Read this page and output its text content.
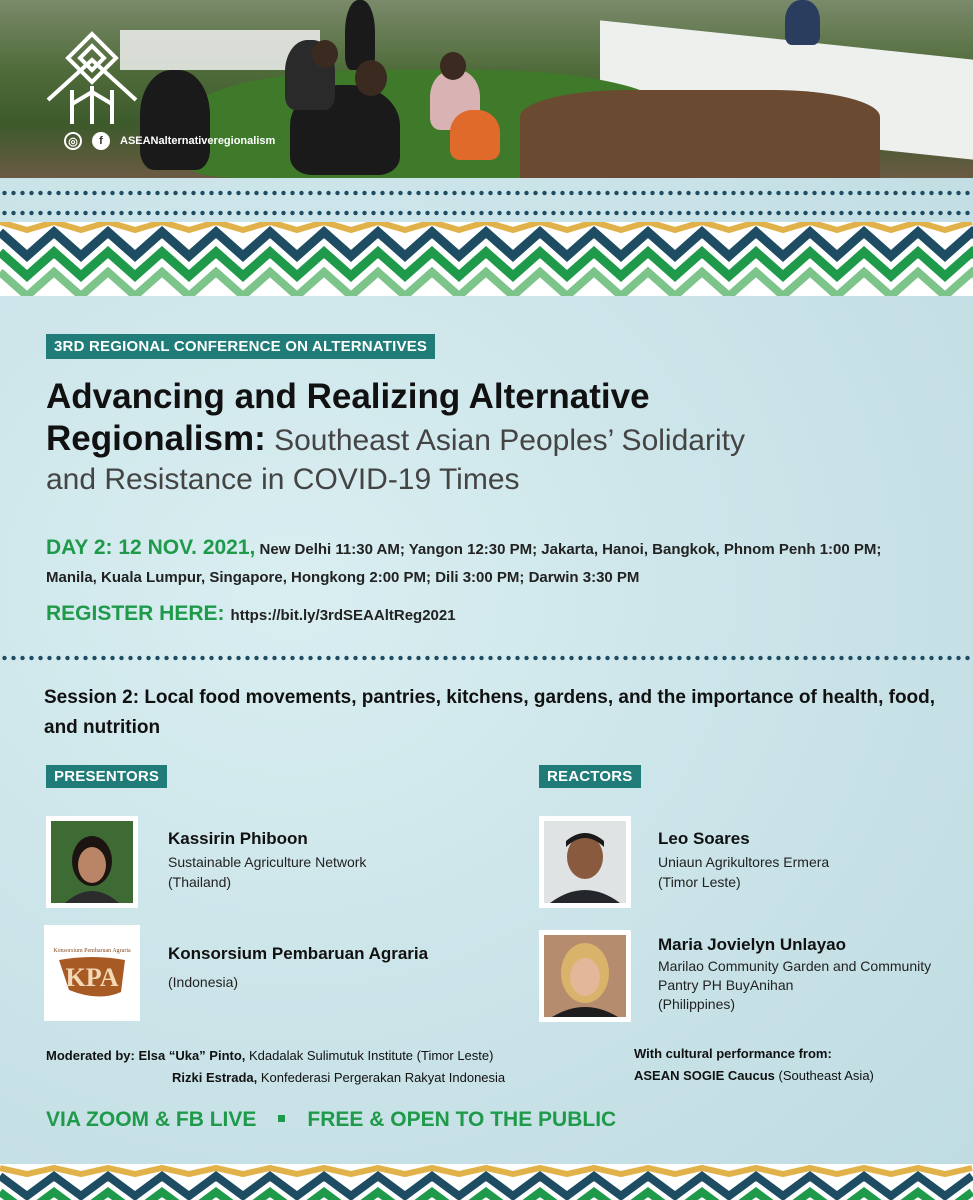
◎	f	ASEANalternativeregionalism
3RD REGIONAL CONFERENCE ON ALTERNATIVES
Advancing and Realizing Alternative
Regionalism: Southeast Asian Peoples’ Solidarity
and Resistance in COVID-19 Times
DAY 2: 12 NOV. 2021, New Delhi 11:30 AM; Yangon 12:30 PM; Jakarta, Hanoi, Bangkok, Phnom Penh 1:00 PM; Manila, Kuala Lumpur, Singapore, Hongkong 2:00 PM; Dili 3:00 PM; Darwin 3:30 PM
REGISTER HERE: https://bit.ly/3rdSEAAltReg2021
Session 2: Local food movements, pantries, kitchens, gardens, and the importance of health, food, and nutrition
PRESENTORS
Kassirin Phiboon
Sustainable Agriculture Network
(Thailand)
Konsorsium Pembaruan Agraria
KPA
Konsorsium Pembaruan Agraria
(Indonesia)
REACTORS
Leo Soares
Uniaun Agrikultores Ermera
(Timor Leste)
Maria Jovielyn Unlayao
Marilao Community Garden and Community Pantry PH BuyAnihan
(Philippines)
Moderated by: Elsa “Uka” Pinto, Kdadalak Sulimutuk Institute (Timor Leste)
Rizki Estrada, Konfederasi Pergerakan Rakyat Indonesia
With cultural performance from:
ASEAN SOGIE Caucus (Southeast Asia)
VIA ZOOM & FB LIVE FREE & OPEN TO THE PUBLIC
